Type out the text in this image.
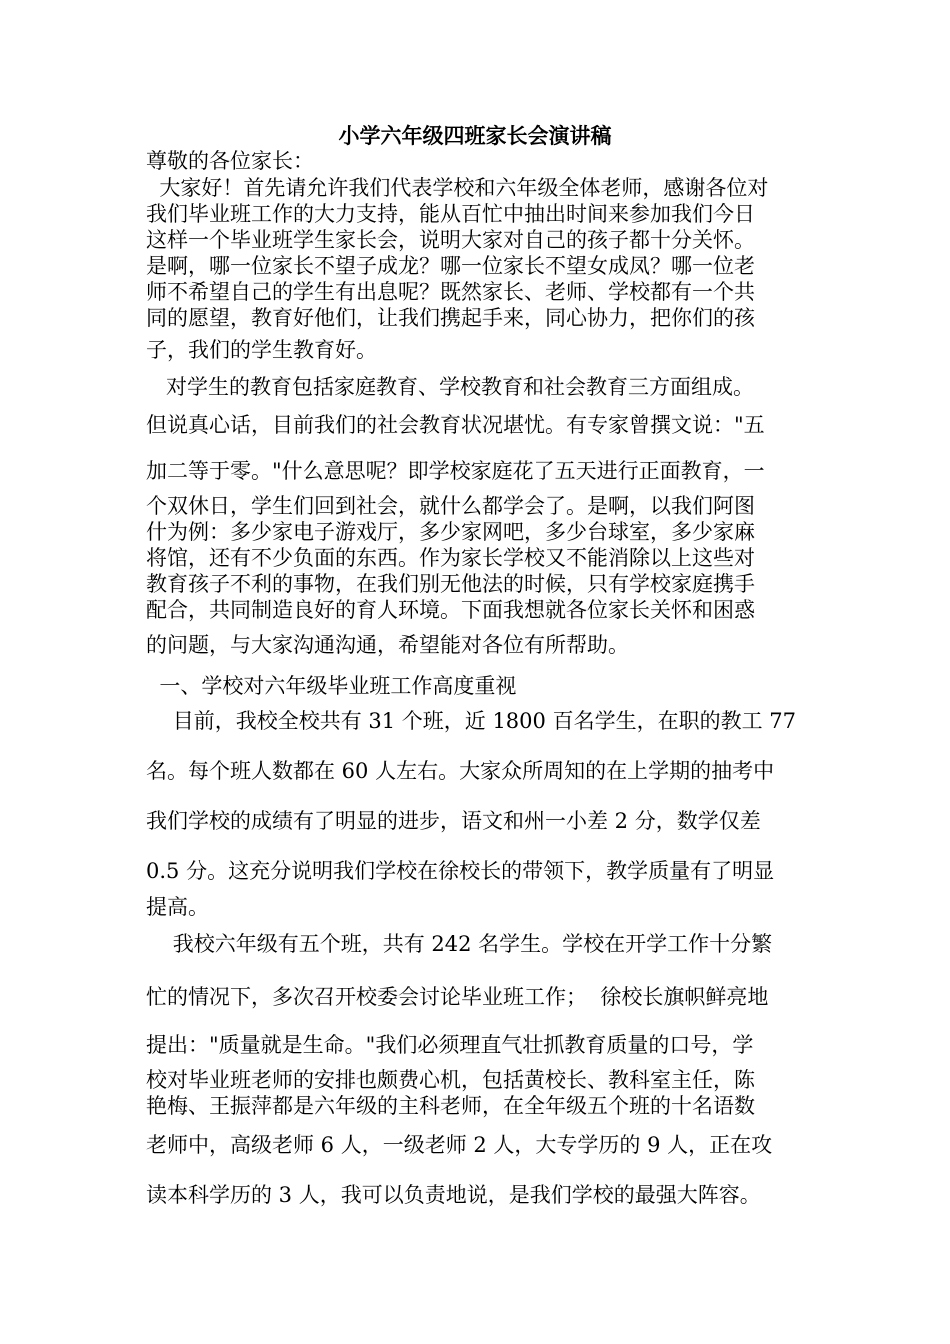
小学六年级四班家长会演讲稿
尊敬的各位家长：
大家好！首先请允许我们代表学校和六年级全体老师，感谢各位对
我们毕业班工作的大力支持，能从百忙中抽出时间来参加我们今日
这样一个毕业班学生家长会，说明大家对自己的孩子都十分关怀。
是啊，哪一位家长不望子成龙？哪一位家长不望女成凤？哪一位老
师不希望自己的学生有出息呢？既然家长、老师、学校都有一个共
同的愿望，教育好他们，让我们携起手来，同心协力，把你们的孩
子，我们的学生教育好。
对学生的教育包括家庭教育、学校教育和社会教育三方面组成。
但说真心话，目前我们的社会教育状况堪忧。有专家曾撰文说："五
加二等于零。"什么意思呢？即学校家庭花了五天进行正面教育，一
个双休日，学生们回到社会，就什么都学会了。是啊，以我们阿图
什为例：多少家电子游戏厅，多少家网吧，多少台球室，多少家麻
将馆，还有不少负面的东西。作为家长学校又不能消除以上这些对
教育孩子不利的事物，在我们别无他法的时候，只有学校家庭携手
配合，共同制造良好的育人环境。下面我想就各位家长关怀和困惑
的问题，与大家沟通沟通，希望能对各位有所帮助。
一、学校对六年级毕业班工作高度重视
目前，我校全校共有 31 个班，近 1800 百名学生，在职的教工 77
名。每个班人数都在 60 人左右。大家众所周知的在上学期的抽考中
我们学校的成绩有了明显的进步，语文和州一小差 2 分，数学仅差
0.5 分。这充分说明我们学校在徐校长的带领下，教学质量有了明显
提高。
我校六年级有五个班，共有 242 名学生。学校在开学工作十分繁
忙的情况下，多次召开校委会讨论毕业班工作；  徐校长旗帜鲜亮地
提出："质量就是生命。"我们必须理直气壮抓教育质量的口号，学
校对毕业班老师的安排也颇费心机，包括黄校长、教科室主任，陈
艳梅、王振萍都是六年级的主科老师，在全年级五个班的十名语数
老师中，高级老师 6 人，一级老师 2 人，大专学历的 9 人，正在攻
读本科学历的 3 人，我可以负责地说，是我们学校的最强大阵容。
